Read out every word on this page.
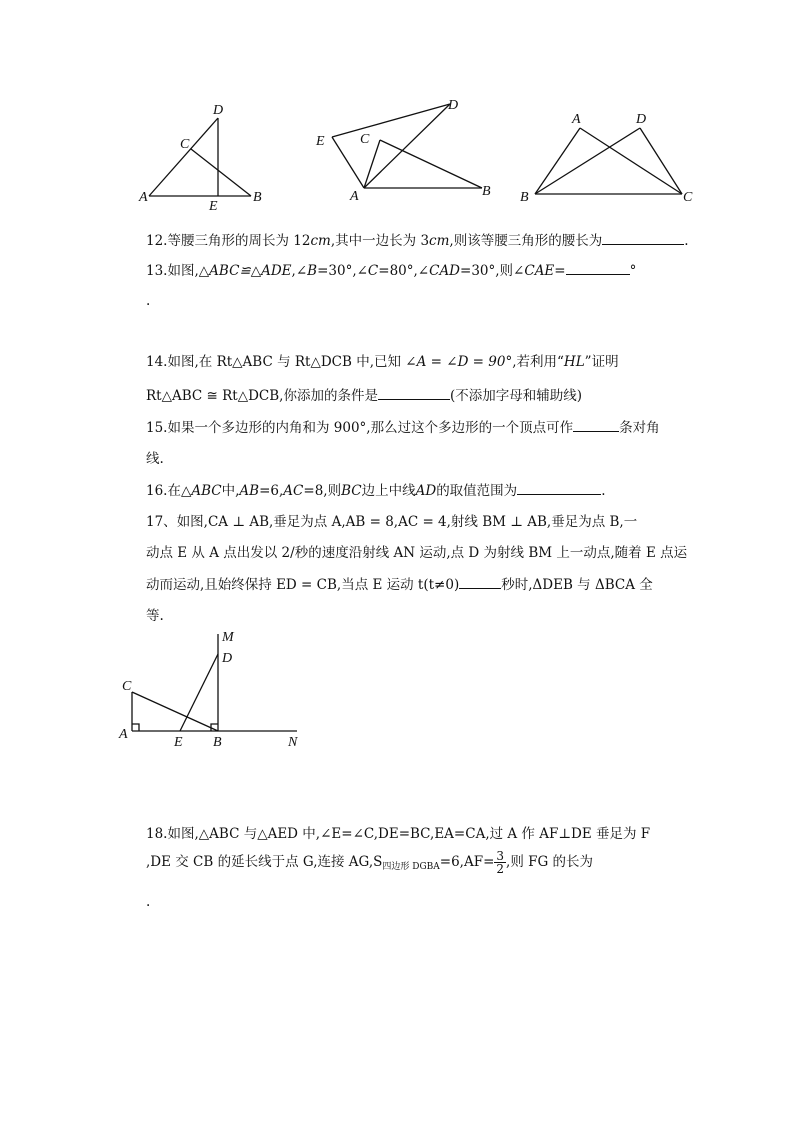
D
C
A
E
B
D
E	C
A	B
A	D
B	C
12.等腰三角形的周长为 12cm,其中一边长为 3cm,则该等腰三角形的腰长为	.
13.如图,△ABC≌△ADE,∠B=30°,∠C=80°,∠CAD=30°,则∠CAE=	°
.
14.如图,在 Rt△ABC 与 Rt△DCB 中,已知 ∠A = ∠D = 90°,若利用“HL”证明
Rt△ABC ≅ Rt△DCB,你添加的条件是	(不添加字母和辅助线)
15.如果一个多边形的内角和为 900°,那么过这个多边形的一个顶点可作	条对角
线.
16.在△ABC中,AB=6,AC=8,则BC边上中线AD的取值范围为	.
17、如图,CA ⊥ AB,垂足为点 A,AB = 8,AC = 4,射线 BM ⊥ AB,垂足为点 B,一
动点 E 从 A 点出发以 2/秒的速度沿射线 AN 运动,点 D 为射线 BM 上一动点,随着 E 点运
动而运动,且始终保持 ED = CB,当点 E 运动 t(t≠0)	秒时,ΔDEB 与 ΔBCA 全
等.
M
D
C
A
E B	N
18.如图,△ABC 与△AED 中,∠E=∠C,DE=BC,EA=CA,过 A 作 AF⊥DE 垂足为 F
,DE 交 CB 的延长线于点 G,连接 $AG,S_{四边形 DGBA}=6,AF= \frac{3}{2}$ ,则 FG 的长为
.
